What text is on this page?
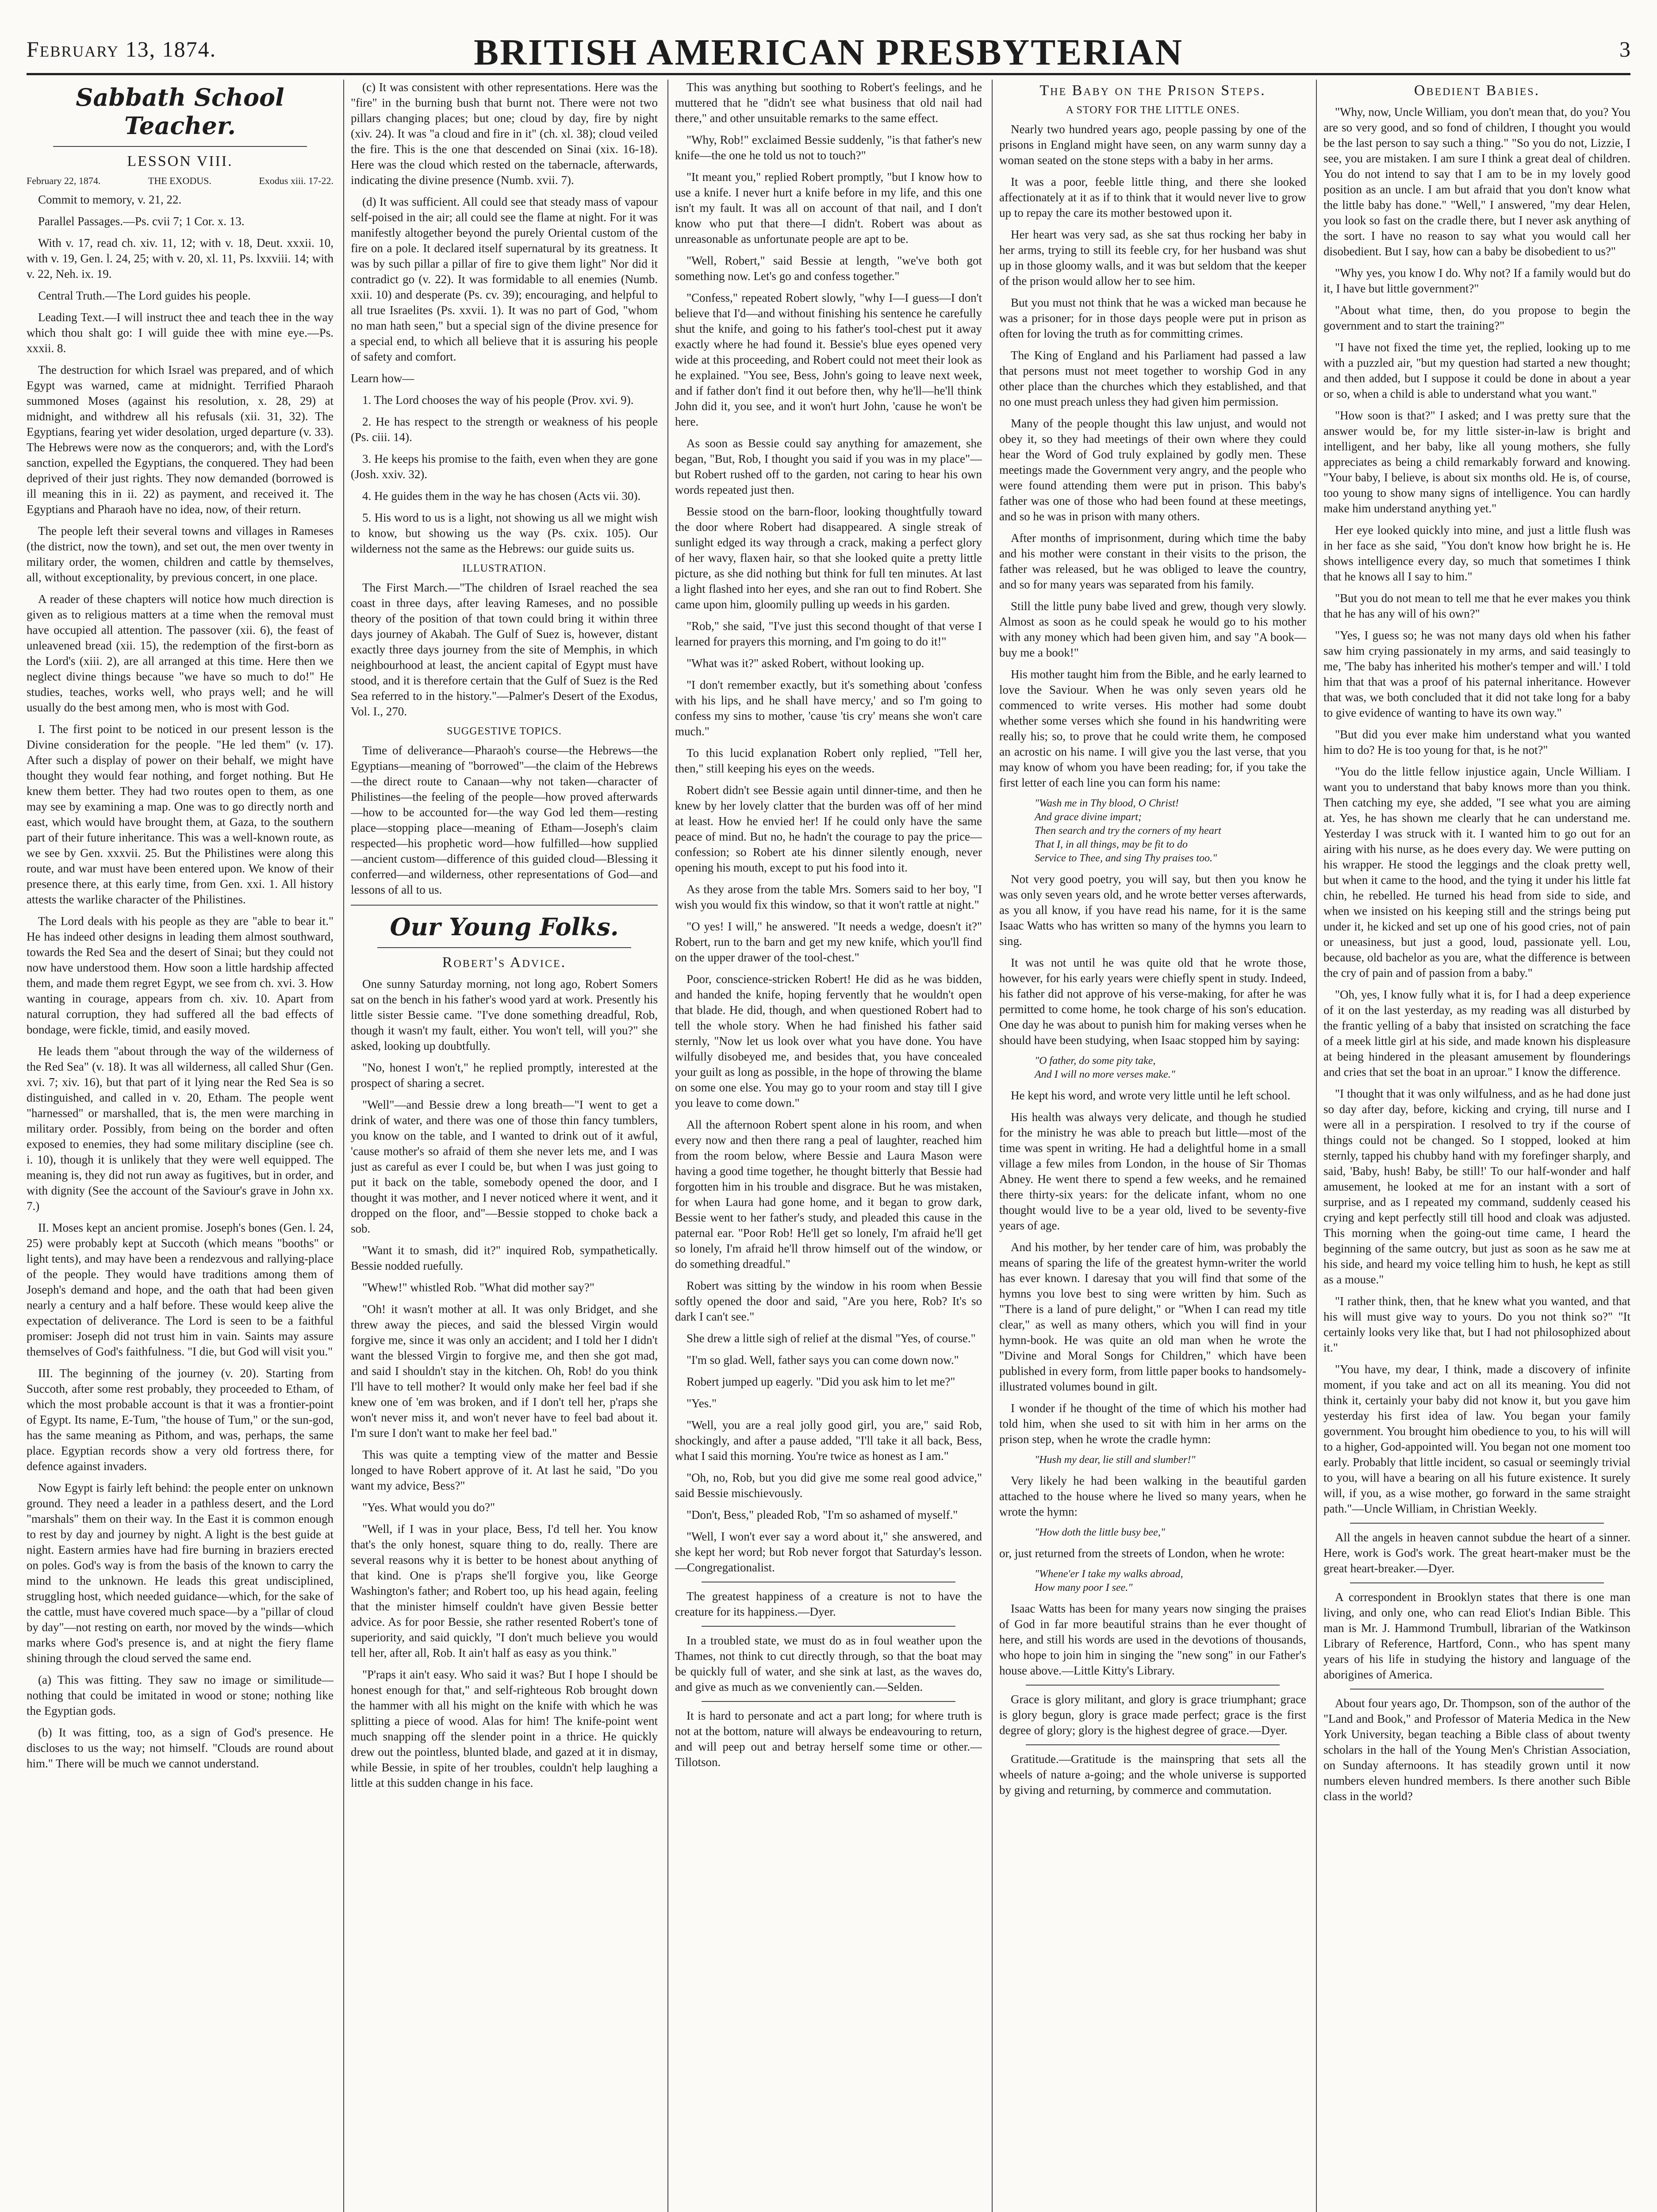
February 13, 1874.	BRITISH AMERICAN PRESBYTERIAN	3
Sabbath School Teacher.
LESSON VIII.
February 22, 1874.	THE EXODUS.	Exodus xiii. 17-22.

Commit to memory, v. 21, 22.

Parallel Passages.—Ps. cvii 7; 1 Cor. x. 13.

With v. 17, read ch. xiv. 11, 12; with v. 18, Deut. xxxii. 10, with v. 19, Gen. l. 24, 25; with v. 20, xl. 11, Ps. lxxviii. 14; with v. 22, Neh. ix. 19.

Central Truth.—The Lord guides his people.

Leading Text.—I will instruct thee and teach thee in the way which thou shalt go: I will guide thee with mine eye.—Ps. xxxii. 8.

The destruction for which Israel was prepared, and of which Egypt was warned, came at midnight. Terrified Pharaoh summoned Moses (against his resolution, x. 28, 29) at midnight, and withdrew all his refusals (xii. 31, 32). The Egyptians, fearing yet wider desolation, urged departure (v. 33). The Hebrews were now as the conquerors; and, with the Lord's sanction, expelled the Egyptians, the conquered. They had been deprived of their just rights. They now demanded (borrowed is ill meaning this in ii. 22) as payment, and received it. The Egyptians and Pharaoh have no idea, now, of their return.

The people left their several towns and villages in Rameses (the district, now the town), and set out, the men over twenty in military order, the women, children and cattle by themselves, all, without exceptionality, by previous concert, in one place.

A reader of these chapters will notice how much direction is given as to religious matters at a time when the removal must have occupied all attention. The passover (xii. 6), the feast of unleavened bread (xii. 15), the redemption of the first-born as the Lord's (xiii. 2), are all arranged at this time. Here then we neglect divine things because "we have so much to do!" He studies, teaches, works well, who prays well; and he will usually do the best among men, who is most with God.

I. The first point to be noticed in our present lesson is the Divine consideration for the people. "He led them" (v. 17). After such a display of power on their behalf, we might have thought they would fear nothing, and forget nothing. But He knew them better. They had two routes open to them, as one may see by examining a map. One was to go directly north and east, which would have brought them, at Gaza, to the southern part of their future inheritance. This was a well-known route, as we see by Gen. xxxvii. 25. But the Philistines were along this route, and war must have been entered upon. We know of their presence there, at this early time, from Gen. xxi. 1. All history attests the warlike character of the Philistines.

The Lord deals with his people as they are "able to bear it." He has indeed other designs in leading them almost southward, towards the Red Sea and the desert of Sinai; but they could not now have understood them. How soon a little hardship affected them, and made them regret Egypt, we see from ch. xvi. 3. How wanting in courage, appears from ch. xiv. 10. Apart from natural corruption, they had suffered all the bad effects of bondage, were fickle, timid, and easily moved.

He leads them "about through the way of the wilderness of the Red Sea" (v. 18). It was all wilderness, all called Shur (Gen. xvi. 7; xiv. 16), but that part of it lying near the Red Sea is so distinguished, and called in v. 20, Etham. The people went "harnessed" or marshalled, that is, the men were marching in military order. Possibly, from being on the border and often exposed to enemies, they had some military discipline (see ch. i. 10), though it is unlikely that they were well equipped. The meaning is, they did not run away as fugitives, but in order, and with dignity (See the account of the Saviour's grave in John xx. 7.)

II. Moses kept an ancient promise. Joseph's bones (Gen. l. 24, 25) were probably kept at Succoth (which means "booths" or light tents), and may have been a rendezvous and rallying-place of the people. They would have traditions among them of Joseph's demand and hope, and the oath that had been given nearly a century and a half before. These would keep alive the expectation of deliverance. The Lord is seen to be a faithful promiser: Joseph did not trust him in vain. Saints may assure themselves of God's faithfulness. "I die, but God will visit you."

III. The beginning of the journey (v. 20). Starting from Succoth, after some rest probably, they proceeded to Etham, of which the most probable account is that it was a frontier-point of Egypt. Its name, E-Tum, "the house of Tum," or the sun-god, has the same meaning as Pithom, and was, perhaps, the same place. Egyptian records show a very old fortress there, for defence against invaders.

Now Egypt is fairly left behind: the people enter on unknown ground. They need a leader in a pathless desert, and the Lord "marshals" them on their way. In the East it is common enough to rest by day and journey by night. A light is the best guide at night. Eastern armies have had fire burning in braziers erected on poles. God's way is from the basis of the known to carry the mind to the unknown. He leads this great undisciplined, struggling host, which needed guidance—which, for the sake of the cattle, must have covered much space—by a "pillar of cloud by day"—not resting on earth, nor moved by the winds—which marks where God's presence is, and at night the fiery flame shining through the cloud served the same end.

(a) This was fitting. They saw no image or similitude—nothing that could be imitated in wood or stone; nothing like the Egyptian gods.

(b) It was fitting, too, as a sign of God's presence. He discloses to us the way; not himself. "Clouds are round about him." There will be much we cannot understand.

(c) It was consistent with other representations. Here was the "fire" in the burning bush that burnt not. There were not two pillars changing places; but one; cloud by day, fire by night (xiv. 24). It was "a cloud and fire in it" (ch. xl. 38); cloud veiled the fire. This is the one that descended on Sinai (xix. 16-18). Here was the cloud which rested on the tabernacle, afterwards, indicating the divine presence (Numb. xvii. 7).

(d) It was sufficient. All could see that steady mass of vapour self-poised in the air; all could see the flame at night. For it was manifestly altogether beyond the purely Oriental custom of the fire on a pole. It declared itself supernatural by its greatness. It was by such pillar a pillar of fire to give them light" Nor did it contradict go (v. 22). It was formidable to all enemies (Numb. xxii. 10) and desperate (Ps. cv. 39); encouraging, and helpful to all true Israelites (Ps. xxvii. 1). It was no part of God, "whom no man hath seen," but a special sign of the divine presence for a special end, to which all believe that it is assuring his people of safety and comfort.

Learn how—

1. The Lord chooses the way of his people (Prov. xvi. 9).

2. He has respect to the strength or weakness of his people (Ps. ciii. 14).

3. He keeps his promise to the faith, even when they are gone (Josh. xxiv. 32).

4. He guides them in the way he has chosen (Acts vii. 30).

5. His word to us is a light, not showing us all we might wish to know, but showing us the way (Ps. cxix. 105). Our wilderness not the same as the Hebrews: our guide suits us.

ILLUSTRATION.

The First March.—"The children of Israel reached the sea coast in three days, after leaving Rameses, and no possible theory of the position of that town could bring it within three days journey of Akabah. The Gulf of Suez is, however, distant exactly three days journey from the site of Memphis, in which neighbourhood at least, the ancient capital of Egypt must have stood, and it is therefore certain that the Gulf of Suez is the Red Sea referred to in the history."—Palmer's Desert of the Exodus, Vol. I., 270.

SUGGESTIVE TOPICS.

Time of deliverance—Pharaoh's course—the Hebrews—the Egyptians—meaning of "borrowed"—the claim of the Hebrews—the direct route to Canaan—why not taken—character of Philistines—the feeling of the people—how proved afterwards—how to be accounted for—the way God led them—resting place—stopping place—meaning of Etham—Joseph's claim respected—his prophetic word—how fulfilled—how supplied—ancient custom—difference of this guided cloud—Blessing it conferred—and wilderness, other representations of God—and lessons of all to us.

Our Young Folks.
Robert's Advice.

One sunny Saturday morning, not long ago, Robert Somers sat on the bench in his father's wood yard at work. Presently his little sister Bessie came. "I've done something dreadful, Rob, though it wasn't my fault, either. You won't tell, will you?" she asked, looking up doubtfully.

"No, honest I won't," he replied promptly, interested at the prospect of sharing a secret.

"Well"—and Bessie drew a long breath—"I went to get a drink of water, and there was one of those thin fancy tumblers, you know on the table, and I wanted to drink out of it awful, 'cause mother's so afraid of them she never lets me, and I was just as careful as ever I could be, but when I was just going to put it back on the table, somebody opened the door, and I thought it was mother, and I never noticed where it went, and it dropped on the floor, and"—Bessie stopped to choke back a sob.

"Want it to smash, did it?" inquired Rob, sympathetically. Bessie nodded ruefully.

"Whew!" whistled Rob. "What did mother say?"

"Oh! it wasn't mother at all. It was only Bridget, and she threw away the pieces, and said the blessed Virgin would forgive me, since it was only an accident; and I told her I didn't want the blessed Virgin to forgive me, and then she got mad, and said I shouldn't stay in the kitchen. Oh, Rob! do you think I'll have to tell mother? It would only make her feel bad if she knew one of 'em was broken, and if I don't tell her, p'raps she won't never miss it, and won't never have to feel bad about it. I'm sure I don't want to make her feel bad."

This was quite a tempting view of the matter and Bessie longed to have Robert approve of it. At last he said, "Do you want my advice, Bess?"

"Yes. What would you do?"

"Well, if I was in your place, Bess, I'd tell her. You know that's the only honest, square thing to do, really. There are several reasons why it is better to be honest about anything of that kind. One is p'raps she'll forgive you, like George Washington's father; and Robert too, up his head again, feeling that the minister himself couldn't have given Bessie better advice. As for poor Bessie, she rather resented Robert's tone of superiority, and said quickly, "I don't much believe you would tell her, after all, Rob. It ain't half as easy as you think."

"P'raps it ain't easy. Who said it was? But I hope I should be honest enough for that," and self-righteous Rob brought down the hammer with all his might on the knife with which he was splitting a piece of wood. Alas for him! The knife-point went much snapping off the slender point in a thrice. He quickly drew out the pointless, blunted blade, and gazed at it in dismay, while Bessie, in spite of her troubles, couldn't help laughing a little at this sudden change in his face.

This was anything but soothing to Robert's feelings, and he muttered that he "didn't see what business that old nail had there," and other unsuitable remarks to the same effect.

"Why, Rob!" exclaimed Bessie suddenly, "is that father's new knife—the one he told us not to touch?"

"It meant you," replied Robert promptly, "but I know how to use a knife. I never hurt a knife before in my life, and this one isn't my fault. It was all on account of that nail, and I don't know who put that there—I didn't. Robert was about as unreasonable as unfortunate people are apt to be.

"Well, Robert," said Bessie at length, "we've both got something now. Let's go and confess together."

"Confess," repeated Robert slowly, "why I—I guess—I don't believe that I'd—and without finishing his sentence he carefully shut the knife, and going to his father's tool-chest put it away exactly where he had found it. Bessie's blue eyes opened very wide at this proceeding, and Robert could not meet their look as he explained. "You see, Bess, John's going to leave next week, and if father don't find it out before then, why he'll—he'll think John did it, you see, and it won't hurt John, 'cause he won't be here.

As soon as Bessie could say anything for amazement, she began, "But, Rob, I thought you said if you was in my place"—but Robert rushed off to the garden, not caring to hear his own words repeated just then.

Bessie stood on the barn-floor, looking thoughtfully toward the door where Robert had disappeared. A single streak of sunlight edged its way through a crack, making a perfect glory of her wavy, flaxen hair, so that she looked quite a pretty little picture, as she did nothing but think for full ten minutes. At last a light flashed into her eyes, and she ran out to find Robert. She came upon him, gloomily pulling up weeds in his garden.

"Rob," she said, "I've just this second thought of that verse I learned for prayers this morning, and I'm going to do it!"

"What was it?" asked Robert, without looking up.

"I don't remember exactly, but it's something about 'confess with his lips, and he shall have mercy,' and so I'm going to confess my sins to mother, 'cause 'tis cry' means she won't care much."

To this lucid explanation Robert only replied, "Tell her, then," still keeping his eyes on the weeds.

Robert didn't see Bessie again until dinner-time, and then he knew by her lovely clatter that the burden was off of her mind at least. How he envied her! If he could only have the same peace of mind. But no, he hadn't the courage to pay the price—confession; so Robert ate his dinner silently enough, never opening his mouth, except to put his food into it.

As they arose from the table Mrs. Somers said to her boy, "I wish you would fix this window, so that it won't rattle at night."

"O yes! I will," he answered. "It needs a wedge, doesn't it?" Robert, run to the barn and get my new knife, which you'll find on the upper drawer of the tool-chest."

Poor, conscience-stricken Robert! He did as he was bidden, and handed the knife, hoping fervently that he wouldn't open that blade. He did, though, and when questioned Robert had to tell the whole story. When he had finished his father said sternly, "Now let us look over what you have done. You have wilfully disobeyed me, and besides that, you have concealed your guilt as long as possible, in the hope of throwing the blame on some one else. You may go to your room and stay till I give you leave to come down."

All the afternoon Robert spent alone in his room, and when every now and then there rang a peal of laughter, reached him from the room below, where Bessie and Laura Mason were having a good time together, he thought bitterly that Bessie had forgotten him in his trouble and disgrace. But he was mistaken, for when Laura had gone home, and it began to grow dark, Bessie went to her father's study, and pleaded this cause in the paternal ear. "Poor Rob! He'll get so lonely, I'm afraid he'll get so lonely, I'm afraid he'll throw himself out of the window, or do something dreadful."

Robert was sitting by the window in his room when Bessie softly opened the door and said, "Are you here, Rob? It's so dark I can't see."

She drew a little sigh of relief at the dismal "Yes, of course."

"I'm so glad. Well, father says you can come down now."

Robert jumped up eagerly. "Did you ask him to let me?"

"Yes."

"Well, you are a real jolly good girl, you are," said Rob, shockingly, and after a pause added, "I'll take it all back, Bess, what I said this morning. You're twice as honest as I am."

"Oh, no, Rob, but you did give me some real good advice," said Bessie mischievously.

"Don't, Bess," pleaded Rob, "I'm so ashamed of myself."

"Well, I won't ever say a word about it," she answered, and she kept her word; but Rob never forgot that Saturday's lesson.—Congregationalist.

The greatest happiness of a creature is not to have the creature for its happiness.—Dyer.

In a troubled state, we must do as in foul weather upon the Thames, not think to cut directly through, so that the boat may be quickly full of water, and she sink at last, as the waves do, and give as much as we conveniently can.—Selden.

It is hard to personate and act a part long; for where truth is not at the bottom, nature will always be endeavouring to return, and will peep out and betray herself some time or other.—Tillotson.

The Baby on the Prison Steps.
A STORY FOR THE LITTLE ONES.

Nearly two hundred years ago, people passing by one of the prisons in England might have seen, on any warm sunny day a woman seated on the stone steps with a baby in her arms.

It was a poor, feeble little thing, and there she looked affectionately at it as if to think that it would never live to grow up to repay the care its mother bestowed upon it.

Her heart was very sad, as she sat thus rocking her baby in her arms, trying to still its feeble cry, for her husband was shut up in those gloomy walls, and it was but seldom that the keeper of the prison would allow her to see him.

But you must not think that he was a wicked man because he was a prisoner; for in those days people were put in prison as often for loving the truth as for committing crimes.

The King of England and his Parliament had passed a law that persons must not meet together to worship God in any other place than the churches which they established, and that no one must preach unless they had given him permission.

Many of the people thought this law unjust, and would not obey it, so they had meetings of their own where they could hear the Word of God truly explained by godly men. These meetings made the Government very angry, and the people who were found attending them were put in prison. This baby's father was one of those who had been found at these meetings, and so he was in prison with many others.

After months of imprisonment, during which time the baby and his mother were constant in their visits to the prison, the father was released, but he was obliged to leave the country, and so for many years was separated from his family.

Still the little puny babe lived and grew, though very slowly. Almost as soon as he could speak he would go to his mother with any money which had been given him, and say "A book—buy me a book!"

His mother taught him from the Bible, and he early learned to love the Saviour. When he was only seven years old he commenced to write verses. His mother had some doubt whether some verses which she found in his handwriting were really his; so, to prove that he could write them, he composed an acrostic on his name. I will give you the last verse, that you may know of whom you have been reading; for, if you take the first letter of each line you can form his name:

"Wash me in Thy blood, O Christ!
And grace divine impart;
Then search and try the corners of my heart
That I, in all things, may be fit to do
Service to Thee, and sing Thy praises too."

Not very good poetry, you will say, but then you know he was only seven years old, and he wrote better verses afterwards, as you all know, if you have read his name, for it is the same Isaac Watts who has written so many of the hymns you learn to sing.

It was not until he was quite old that he wrote those, however, for his early years were chiefly spent in study. Indeed, his father did not approve of his verse-making, for after he was permitted to come home, he took charge of his son's education. One day he was about to punish him for making verses when he should have been studying, when Isaac stopped him by saying:

"O father, do some pity take,
And I will no more verses make."

He kept his word, and wrote very little until he left school.

His health was always very delicate, and though he studied for the ministry he was able to preach but little—most of the time was spent in writing. He had a delightful home in a small village a few miles from London, in the house of Sir Thomas Abney. He went there to spend a few weeks, and he remained there thirty-six years: for the delicate infant, whom no one thought would live to be a year old, lived to be seventy-five years of age.

And his mother, by her tender care of him, was probably the means of sparing the life of the greatest hymn-writer the world has ever known. I daresay that you will find that some of the hymns you love best to sing were written by him. Such as "There is a land of pure delight," or "When I can read my title clear," as well as many others, which you will find in your hymn-book. He was quite an old man when he wrote the "Divine and Moral Songs for Children," which have been published in every form, from little paper books to handsomely-illustrated volumes bound in gilt.

I wonder if he thought of the time of which his mother had told him, when she used to sit with him in her arms on the prison step, when he wrote the cradle hymn:

"Hush my dear, lie still and slumber!"

Very likely he had been walking in the beautiful garden attached to the house where he lived so many years, when he wrote the hymn:

"How doth the little busy bee,"

or, just returned from the streets of London, when he wrote:

"Whene'er I take my walks abroad,
How many poor I see."

Isaac Watts has been for many years now singing the praises of God in far more beautiful strains than he ever thought of here, and still his words are used in the devotions of thousands, who hope to join him in singing the "new song" in our Father's house above.—Little Kitty's Library.

Grace is glory militant, and glory is grace triumphant; grace is glory begun, glory is grace made perfect; grace is the first degree of glory; glory is the highest degree of grace.—Dyer.

Gratitude.—Gratitude is the mainspring that sets all the wheels of nature a-going; and the whole universe is supported by giving and returning, by commerce and commutation.

Obedient Babies.

"Why, now, Uncle William, you don't mean that, do you? You are so very good, and so fond of children, I thought you would be the last person to say such a thing." "So you do not, Lizzie, I see, you are mistaken. I am sure I think a great deal of children. You do not intend to say that I am to be in my lovely good position as an uncle. I am but afraid that you don't know what the little baby has done." "Well," I answered, "my dear Helen, you look so fast on the cradle there, but I never ask anything of the sort. I have no reason to say what you would call her disobedient. But I say, how can a baby be disobedient to us?"

"Why yes, you know I do. Why not? If a family would but do it, I have but little government?"

"About what time, then, do you propose to begin the government and to start the training?"

"I have not fixed the time yet, the replied, looking up to me with a puzzled air, "but my question had started a new thought; and then added, but I suppose it could be done in about a year or so, when a child is able to understand what you want."

"How soon is that?" I asked; and I was pretty sure that the answer would be, for my little sister-in-law is bright and intelligent, and her baby, like all young mothers, she fully appreciates as being a child remarkably forward and knowing. "Your baby, I believe, is about six months old. He is, of course, too young to show many signs of intelligence. You can hardly make him understand anything yet."

Her eye looked quickly into mine, and just a little flush was in her face as she said, "You don't know how bright he is. He shows intelligence every day, so much that sometimes I think that he knows all I say to him."

"But you do not mean to tell me that he ever makes you think that he has any will of his own?"

"Yes, I guess so; he was not many days old when his father saw him crying passionately in my arms, and said teasingly to me, 'The baby has inherited his mother's temper and will.' I told him that that was a proof of his paternal inheritance. However that was, we both concluded that it did not take long for a baby to give evidence of wanting to have its own way."

"But did you ever make him understand what you wanted him to do? He is too young for that, is he not?"

"You do the little fellow injustice again, Uncle William. I want you to understand that baby knows more than you think. Then catching my eye, she added, "I see what you are aiming at. Yes, he has shown me clearly that he can understand me. Yesterday I was struck with it. I wanted him to go out for an airing with his nurse, as he does every day. We were putting on his wrapper. He stood the leggings and the cloak pretty well, but when it came to the hood, and the tying it under his little fat chin, he rebelled. He turned his head from side to side, and when we insisted on his keeping still and the strings being put under it, he kicked and set up one of his good cries, not of pain or uneasiness, but just a good, loud, passionate yell. Lou, because, old bachelor as you are, what the difference is between the cry of pain and of passion from a baby."

"Oh, yes, I know fully what it is, for I had a deep experience of it on the last yesterday, as my reading was all disturbed by the frantic yelling of a baby that insisted on scratching the face of a meek little girl at his side, and made known his displeasure at being hindered in the pleasant amusement by flounderings and cries that set the boat in an uproar." I know the difference.

"I thought that it was only wilfulness, and as he had done just so day after day, before, kicking and crying, till nurse and I were all in a perspiration. I resolved to try if the course of things could not be changed. So I stopped, looked at him sternly, tapped his chubby hand with my forefinger sharply, and said, 'Baby, hush! Baby, be still!' To our half-wonder and half amusement, he looked at me for an instant with a sort of surprise, and as I repeated my command, suddenly ceased his crying and kept perfectly still till hood and cloak was adjusted. This morning when the going-out time came, I heard the beginning of the same outcry, but just as soon as he saw me at his side, and heard my voice telling him to hush, he kept as still as a mouse."

"I rather think, then, that he knew what you wanted, and that his will must give way to yours. Do you not think so?" "It certainly looks very like that, but I had not philosophized about it."

"You have, my dear, I think, made a discovery of infinite moment, if you take and act on all its meaning. You did not think it, certainly your baby did not know it, but you gave him yesterday his first idea of law. You began your family government. You brought him obedience to you, to his will will to a higher, God-appointed will. You began not one moment too early. Probably that little incident, so casual or seemingly trivial to you, will have a bearing on all his future existence. It surely will, if you, as a wise mother, go forward in the same straight path."—Uncle William, in Christian Weekly.

All the angels in heaven cannot subdue the heart of a sinner. Here, work is God's work. The great heart-maker must be the great heart-breaker.—Dyer.

A correspondent in Brooklyn states that there is one man living, and only one, who can read Eliot's Indian Bible. This man is Mr. J. Hammond Trumbull, librarian of the Watkinson Library of Reference, Hartford, Conn., who has spent many years of his life in studying the history and language of the aborigines of America.

About four years ago, Dr. Thompson, son of the author of the "Land and Book," and Professor of Materia Medica in the New York University, began teaching a Bible class of about twenty scholars in the hall of the Young Men's Christian Association, on Sunday afternoons. It has steadily grown until it now numbers eleven hundred members. Is there another such Bible class in the world?
